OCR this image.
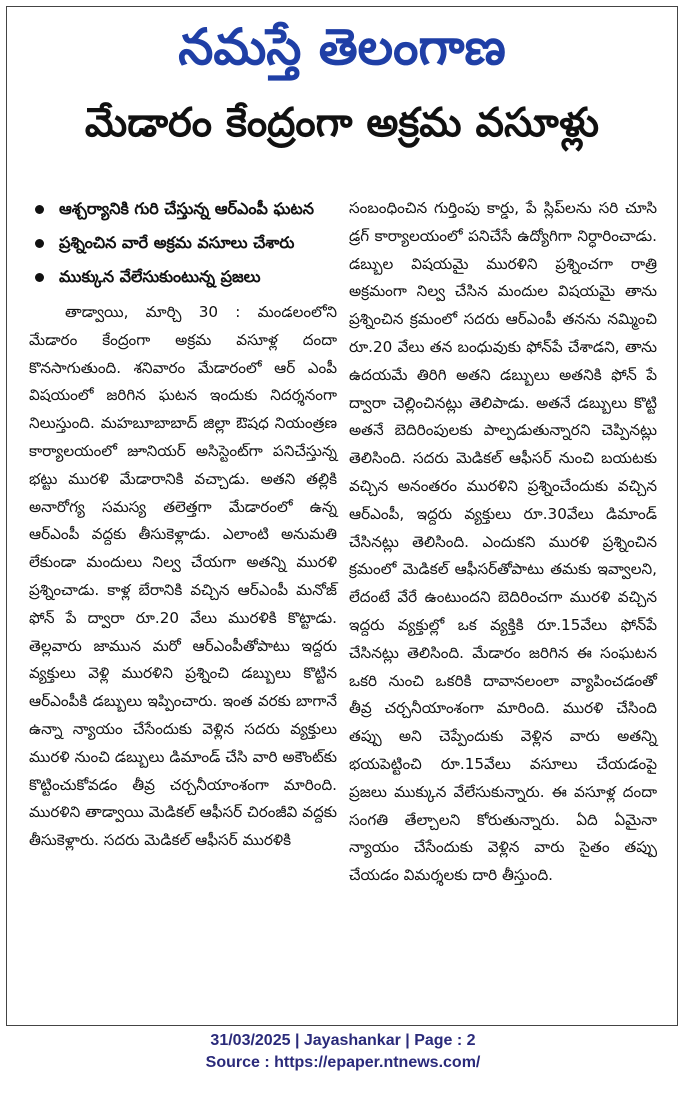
నమస్తే తెలంగాణ
మేడారం కేంద్రంగా అక్రమ వసూళ్లు
ఆశ్చర్యానికి గురి చేస్తున్న ఆర్‌ఎంపీ ఘటన
ప్రశ్నించిన వారే అక్రమ వసూలు చేశారు
ముక్కున వేలేసుకుంటున్న ప్రజలు

తాడ్వాయి, మార్చి 30 : మండలంలోని మేడారం కేంద్రంగా అక్రమ వసూళ్ల దందా కొనసాగుతుంది. శనివారం మేడారంలో ఆర్ ఎంపీ విషయంలో జరిగిన ఘటన ఇందుకు నిదర్శనంగా నిలుస్తుంది. మహబూబాబాద్ జిల్లా ఔషధ నియంత్రణ కార్యాలయంలో జూనియర్ అసిస్టెంట్‌గా పనిచేస్తున్న భట్టు మురళి మేడారానికి వచ్చాడు. అతని తల్లికి అనారోగ్య సమస్య తలెత్తగా మేడారంలో ఉన్న ఆర్‌ఎంపీ వద్దకు తీసుకెళ్లాడు. ఎలాంటి అనుమతి లేకుండా మందులు నిల్వ చేయగా అతన్ని మురళి ప్రశ్నించాడు. కాళ్ల బేరానికి వచ్చిన ఆర్‌ఎంపీ మనోజ్ ఫోన్ పే ద్వారా రూ.20 వేలు మురళికి కొట్టాడు. తెల్లవారు జామున మరో ఆర్‌ఎంపీతోపాటు ఇద్దరు వ్యక్తులు వెళ్లి మురళిని ప్రశ్నించి డబ్బులు కొట్టిన ఆర్‌ఎంపీకి డబ్బులు ఇప్పించారు. ఇంత వరకు బాగానే ఉన్నా న్యాయం చేసేందుకు వెళ్లిన సదరు వ్యక్తులు మురళి నుంచి డబ్బులు డిమాండ్ చేసి వారి అకౌంట్‌కు కొట్టించుకోవడం తీవ్ర చర్చనీయాంశంగా మారింది. మురళిని తాడ్వాయి మెడికల్ ఆఫీసర్ చిరంజీవి వద్దకు తీసుకెళ్లారు. సదరు మెడికల్ ఆఫీసర్ మురళికి

సంబంధించిన గుర్తింపు కార్డు, పే స్లిప్‌లను సరి చూసి డ్రగ్ కార్యాలయంలో పనిచేసే ఉద్యోగిగా నిర్ధారించాడు. డబ్బుల విషయమై మురళిని ప్రశ్నించగా రాత్రి అక్రమంగా నిల్వ చేసిన మందుల విషయమై తాను ప్రశ్నించిన క్రమంలో సదరు ఆర్‌ఎంపీ తనను నమ్మించి రూ.20 వేలు తన బంధువుకు ఫోన్‌పే చేశాడని, తాను ఉదయమే తిరిగి అతని డబ్బులు అతనికి ఫోన్ పే ద్వారా చెల్లించినట్లు తెలిపాడు. అతనే డబ్బులు కొట్టి అతనే బెదిరింపులకు పాల్పడుతున్నారని చెప్పినట్లు తెలిసింది. సదరు మెడికల్ ఆఫీసర్ నుంచి బయటకు వచ్చిన అనంతరం మురళిని ప్రశ్నించేందుకు వచ్చిన ఆర్‌ఎంపీ, ఇద్దరు వ్యక్తులు రూ.30వేలు డిమాండ్ చేసినట్లు తెలిసింది. ఎందుకని మురళి ప్రశ్నించిన క్రమంలో మెడికల్ ఆఫీసర్‌తోపాటు తమకు ఇవ్వాలని, లేదంటే వేరే ఉంటుందని బెదిరించగా మురళి వచ్చిన ఇద్దరు వ్యక్తుల్లో ఒక వ్యక్తికి రూ.15వేలు ఫోన్‌పే చేసినట్లు తెలిసింది. మేడారం జరిగిన ఈ సంఘటన ఒకరి నుంచి ఒకరికి దావానలంలా వ్యాపించడంతో తీవ్ర చర్చనీయాంశంగా మారింది. మురళి చేసింది తప్పు అని చెప్పేందుకు వెళ్లిన వారు అతన్ని భయపెట్టించి రూ.15వేలు వసూలు చేయడంపై ప్రజలు ముక్కున వేలేసుకున్నారు. ఈ వసూళ్ల దందా సంగతి తేల్చాలని కోరుతున్నారు. ఏది ఏమైనా న్యాయం చేసేందుకు వెళ్లిన వారు సైతం తప్పు చేయడం విమర్శలకు దారి తీస్తుంది.

31/03/2025 | Jayashankar | Page : 2
Source : https://epaper.ntnews.com/
